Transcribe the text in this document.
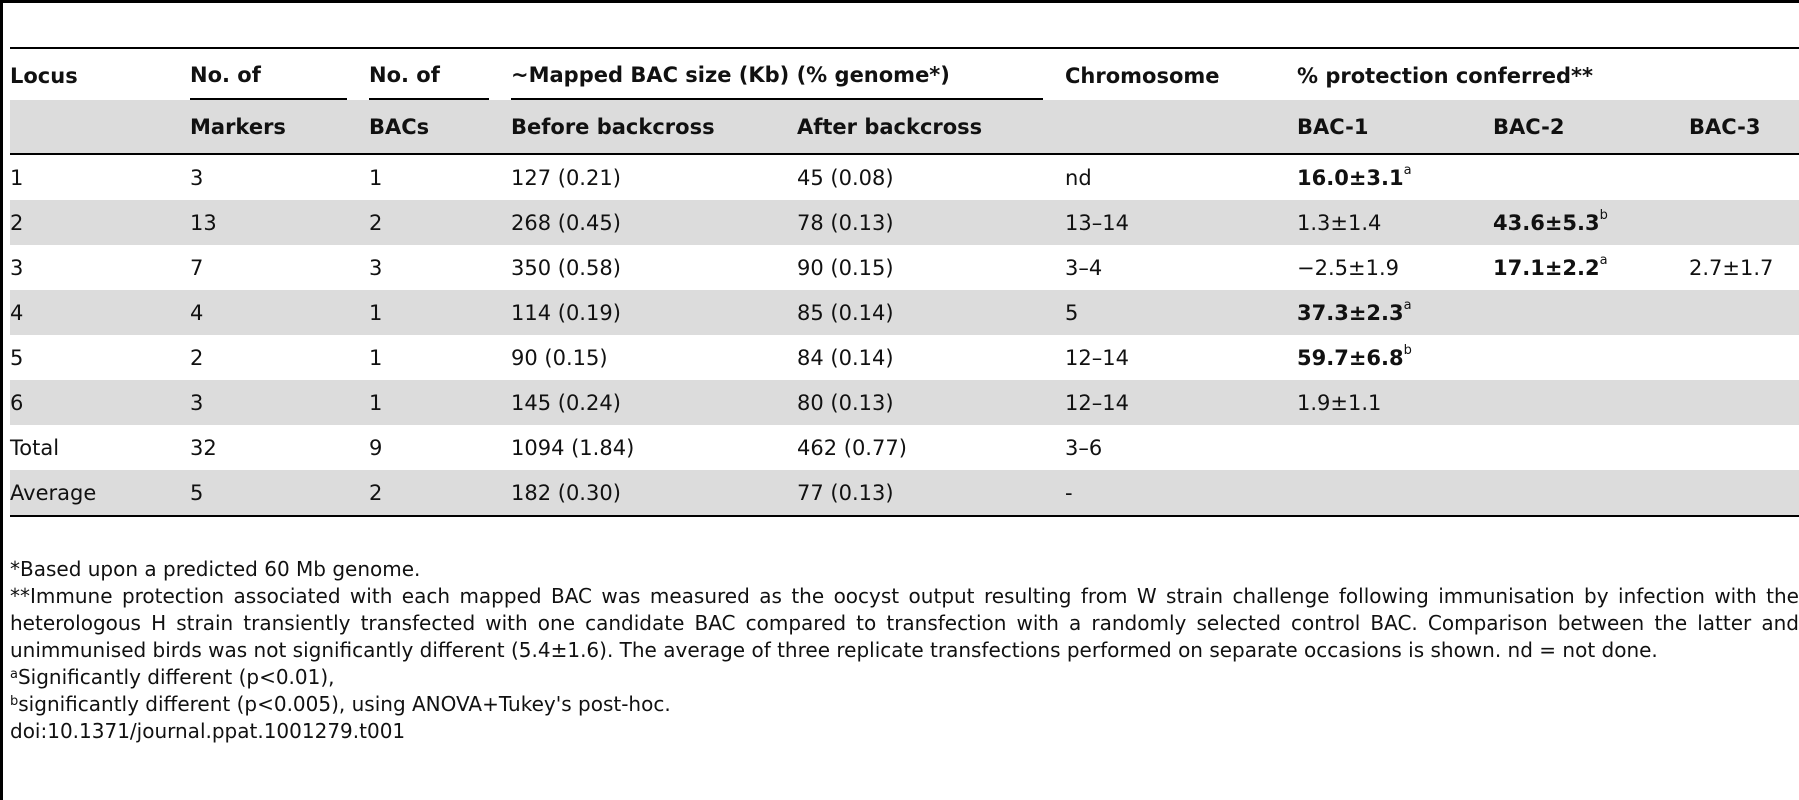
Locus	No. of	No. of	~Mapped BAC size (Kb) (% genome*)		Chromosome	% protection conferred**		
	Markers	BACs	Before backcross	After backcross		BAC-1	BAC-2	BAC-3
1	3	1	127 (0.21)	45 (0.08)	nd	16.0±3.1$^a$		
2	13	2	268 (0.45)	78 (0.13)	13–14	1.3±1.4	43.6±5.3$^b$	
3	7	3	350 (0.58)	90 (0.15)	3–4	−2.5±1.9	17.1±2.2$^a$	2.7±1.7
4	4	1	114 (0.19)	85 (0.14)	5	37.3±2.3$^a$		
5	2	1	90 (0.15)	84 (0.14)	12–14	59.7±6.8$^b$		
6	3	1	145 (0.24)	80 (0.13)	12–14	1.9±1.1		
Total	32	9	1094 (1.84)	462 (0.77)	3–6			
Average	5	2	182 (0.30)	77 (0.13)	-			

*Based upon a predicted 60 Mb genome.

**Immune protection associated with each mapped BAC was measured as the oocyst output resulting from W strain challenge following immunisation by infection with the heterologous H strain transiently transfected with one candidate BAC compared to transfection with a randomly selected control BAC. Comparison between the latter and unimmunised birds was not significantly different (5.4±1.6). The average of three replicate transfections performed on separate occasions is shown. nd = not done.

$^a$Significantly different (p<0.01),

$^b$significantly different (p<0.005), using ANOVA+Tukey's post-hoc.

doi:10.1371/journal.ppat.1001279.t001
